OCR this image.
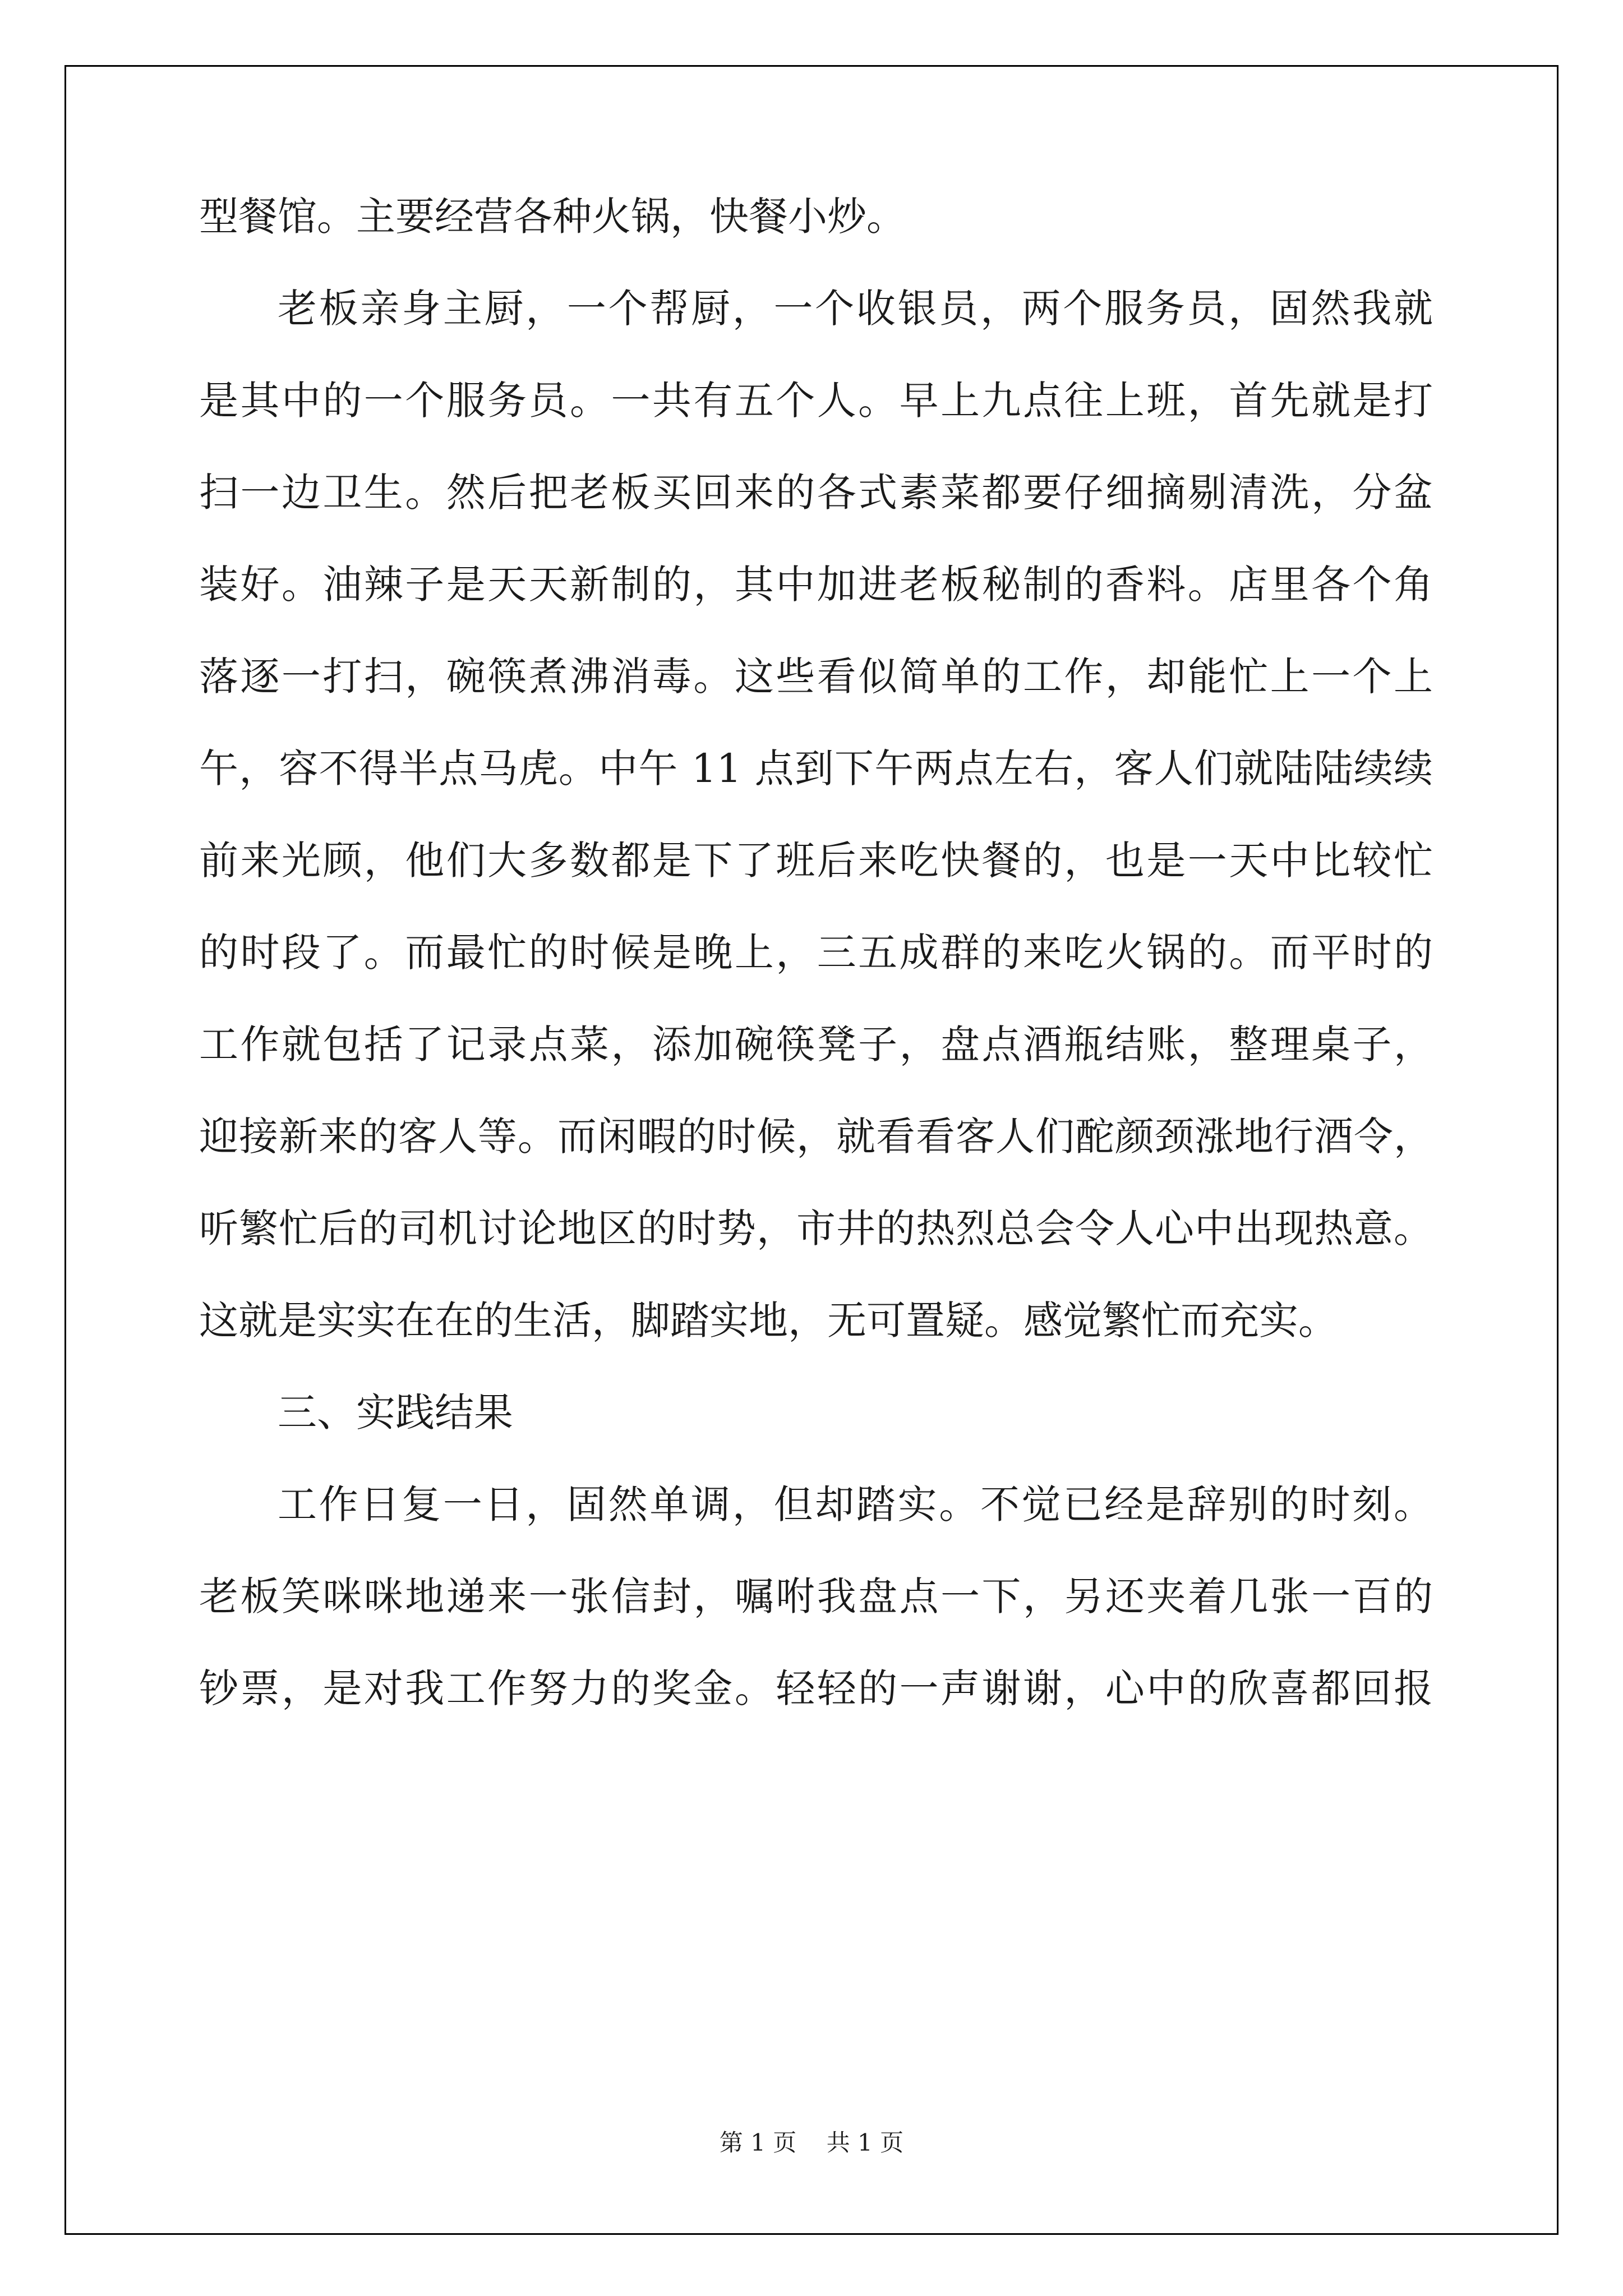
型餐馆。主要经营各种火锅，快餐小炒。
老板亲身主厨，一个帮厨，一个收银员，两个服务员，固然我就
是其中的一个服务员。一共有五个人。早上九点往上班，首先就是打
扫一边卫生。然后把老板买回来的各式素菜都要仔细摘剔清洗，分盆
装好。油辣子是天天新制的，其中加进老板秘制的香料。店里各个角
落逐一打扫，碗筷煮沸消毒。这些看似简单的工作，却能忙上一个上
午，容不得半点马虎。中午 11 点到下午两点左右，客人们就陆陆续续
前来光顾，他们大多数都是下了班后来吃快餐的，也是一天中比较忙
的时段了。而最忙的时候是晚上，三五成群的来吃火锅的。而平时的
工作就包括了记录点菜，添加碗筷凳子，盘点酒瓶结账，整理桌子，
迎接新来的客人等。而闲暇的时候，就看看客人们酡颜颈涨地行酒令，
听繁忙后的司机讨论地区的时势，市井的热烈总会令人心中出现热意。
这就是实实在在的生活，脚踏实地，无可置疑。感觉繁忙而充实。
三、实践结果
工作日复一日，固然单调，但却踏实。不觉已经是辞别的时刻。
老板笑咪咪地递来一张信封，嘱咐我盘点一下，另还夹着几张一百的
钞票，是对我工作努力的奖金。轻轻的一声谢谢，心中的欣喜都回报
第 1 页    共 1 页
